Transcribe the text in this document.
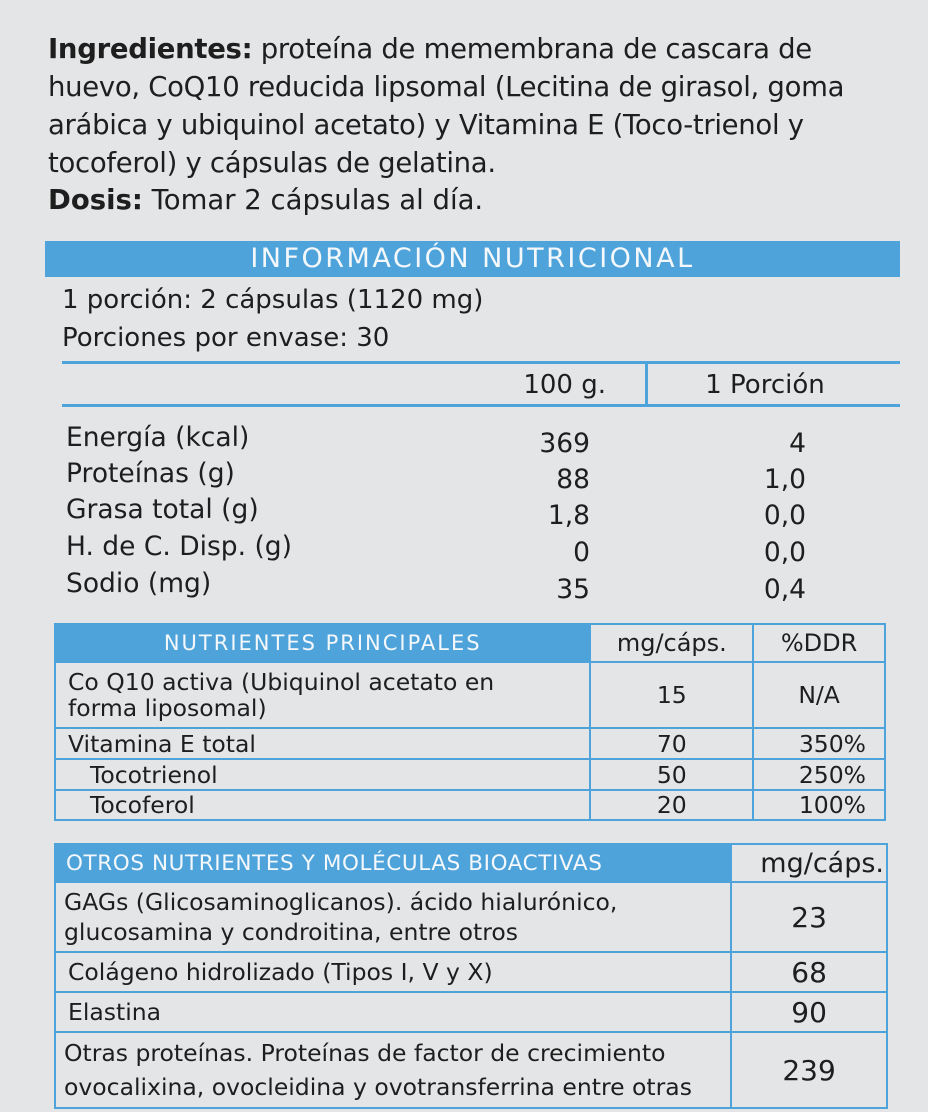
Ingredientes: proteína de memembrana de cascara de huevo, CoQ10 reducida lipsomal (Lecitina de girasol, goma arábica y ubiquinol acetato) y Vitamina E (Toco-trienol y tocoferol) y cápsulas de gelatina.
Dosis: Tomar 2 cápsulas al día.
INFORMACIÓN NUTRICIONAL
1 porción: 2 cápsulas (1120 mg)
Porciones por envase: 30
100 g.	1 Porción
Energía (kcal)	369	4
Proteínas (g)	88	1,0
Grasa total (g)	1,8	0,0
H. de C. Disp. (g)	0	0,0
Sodio (mg)	35	0,4
NUTRIENTES PRINCIPALES	mg/cáps.	%DDR
Co Q10 activa (Ubiquinol acetato en forma liposomal)	15	N/A
Vitamina E total	70	350%
Tocotrienol	50	250%
Tocoferol	20	100%
OTROS NUTRIENTES Y MOLÉCULAS BIOACTIVAS	mg/cáps.
GAGs (Glicosaminoglicanos). ácido hialurónico, glucosamina y condroitina, entre otros	23
Colágeno hidrolizado (Tipos I, V y X)	68
Elastina	90
Otras proteínas. Proteínas de factor de crecimiento ovocalixina, ovocleidina y ovotransferrina entre otras	239
